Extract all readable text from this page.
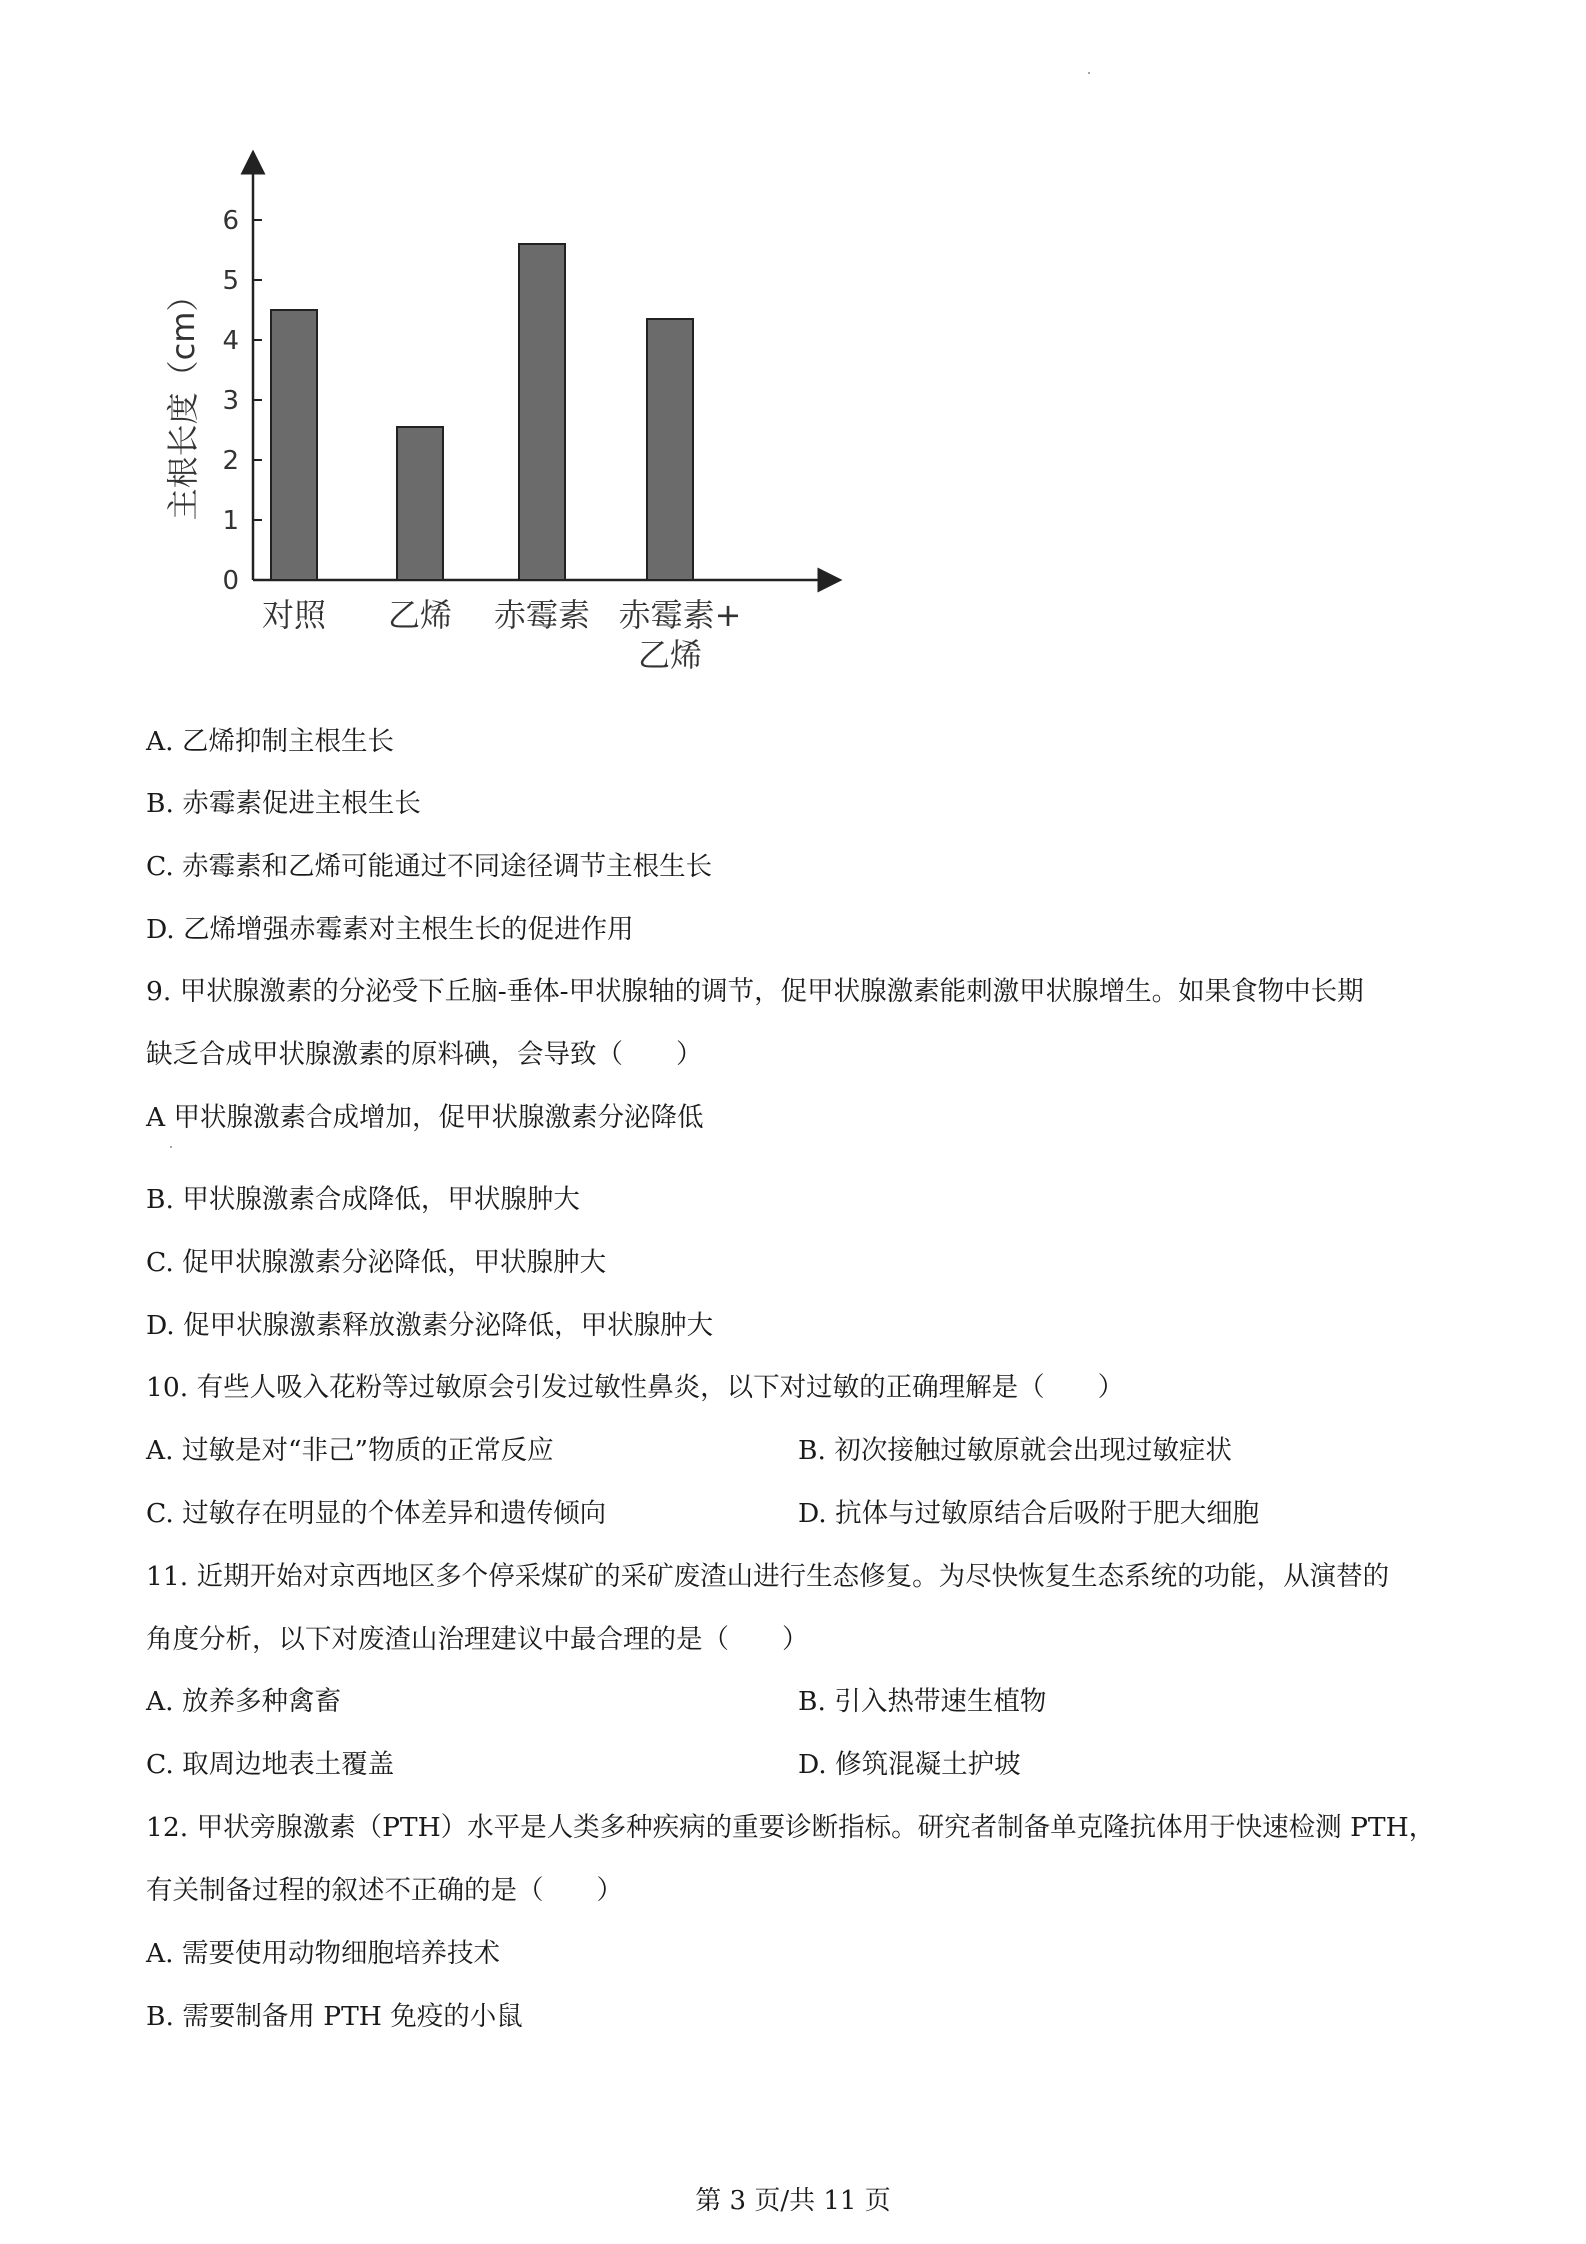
0
1
2
3
4
5
6
对照 乙烯 赤霉素 赤霉素+
乙烯
主根长度（cm）
A. 乙烯抑制主根生长
B. 赤霉素促进主根生长
C. 赤霉素和乙烯可能通过不同途径调节主根生长
D. 乙烯增强赤霉素对主根生长的促进作用
9. 甲状腺激素的分泌受下丘脑-垂体-甲状腺轴的调节，促甲状腺激素能刺激甲状腺增生。如果食物中长期
缺乏合成甲状腺激素的原料碘，会导致（　　）
A 甲状腺激素合成增加，促甲状腺激素分泌降低
B. 甲状腺激素合成降低，甲状腺肿大
C. 促甲状腺激素分泌降低，甲状腺肿大
D. 促甲状腺激素释放激素分泌降低，甲状腺肿大
10. 有些人吸入花粉等过敏原会引发过敏性鼻炎，以下对过敏的正确理解是（　　）
A. 过敏是对“非己”物质的正常反应	B. 初次接触过敏原就会出现过敏症状
C. 过敏存在明显的个体差异和遗传倾向	D. 抗体与过敏原结合后吸附于肥大细胞
11. 近期开始对京西地区多个停采煤矿的采矿废渣山进行生态修复。为尽快恢复生态系统的功能，从演替的
角度分析，以下对废渣山治理建议中最合理的是（　　）
A. 放养多种禽畜	B. 引入热带速生植物
C. 取周边地表土覆盖	D. 修筑混凝土护坡
12. 甲状旁腺激素（PTH）水平是人类多种疾病的重要诊断指标。研究者制备单克隆抗体用于快速检测 PTH，
有关制备过程的叙述不正确的是（　　）
A. 需要使用动物细胞培养技术
B. 需要制备用 PTH 免疫的小鼠
第 3 页/共 11 页
